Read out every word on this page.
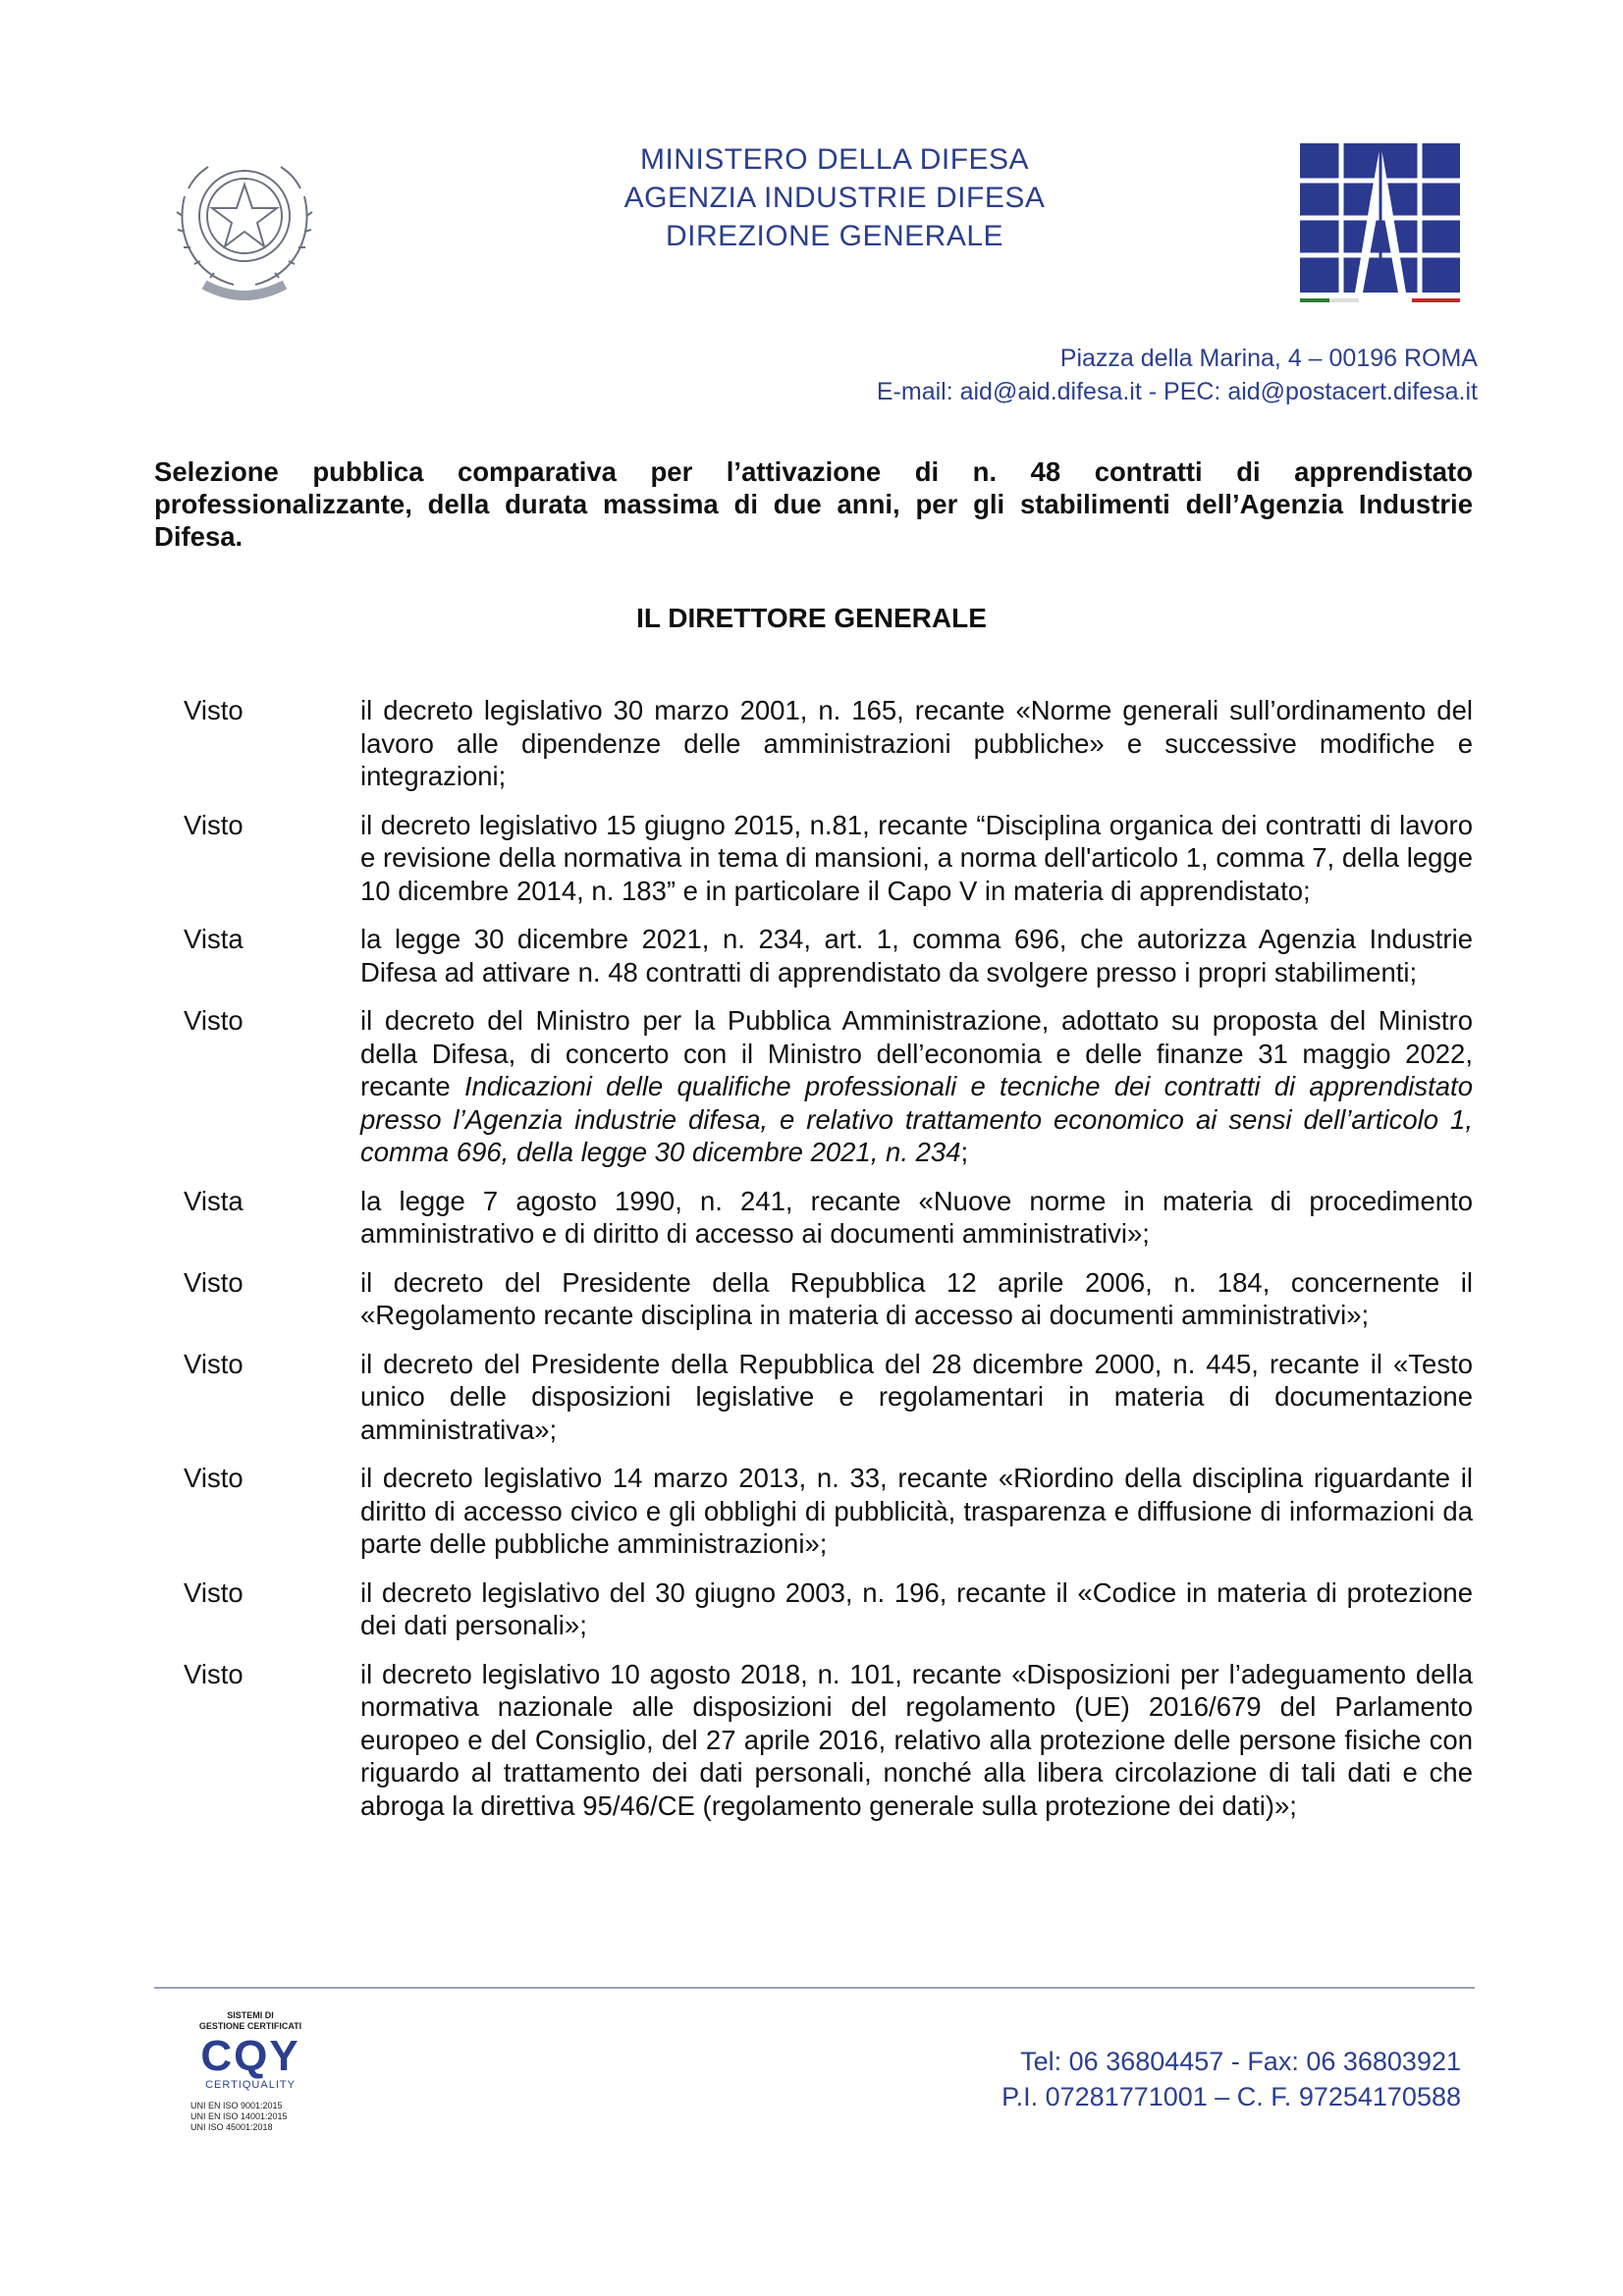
MINISTERO DELLA DIFESA
AGENZIA INDUSTRIE DIFESA
DIREZIONE GENERALE
Piazza della Marina, 4 – 00196 ROMA
E-mail: aid@aid.difesa.it - PEC: aid@postacert.difesa.it
Selezione pubblica comparativa per l’attivazione di n. 48 contratti di apprendistato professionalizzante, della durata massima di due anni, per gli stabilimenti dell’Agenzia Industrie Difesa.
IL DIRETTORE GENERALE
Visto	il decreto legislativo 30 marzo 2001, n. 165, recante «Norme generali sull’ordinamento del lavoro alle dipendenze delle amministrazioni pubbliche» e successive modifiche e integrazioni;
Visto	il decreto legislativo 15 giugno 2015, n.81, recante “Disciplina organica dei contratti di lavoro e revisione della normativa in tema di mansioni, a norma dell'articolo 1, comma 7, della legge 10 dicembre 2014, n. 183” e in particolare il Capo V in materia di apprendistato;
Vista	la legge 30 dicembre 2021, n. 234, art. 1, comma 696, che autorizza Agenzia Industrie Difesa ad attivare n. 48 contratti di apprendistato da svolgere presso i propri stabilimenti;
Visto	il decreto del Ministro per la Pubblica Amministrazione, adottato su proposta del Ministro della Difesa, di concerto con il Ministro dell’economia e delle finanze 31 maggio 2022, recante Indicazioni delle qualifiche professionali e tecniche dei contratti di apprendistato presso l’Agenzia industrie difesa, e relativo trattamento economico ai sensi dell’articolo 1, comma 696, della legge 30 dicembre 2021, n. 234;
Vista	la legge 7 agosto 1990, n. 241, recante «Nuove norme in materia di procedimento amministrativo e di diritto di accesso ai documenti amministrativi»;
Visto	il decreto del Presidente della Repubblica 12 aprile 2006, n. 184, concernente il «Regolamento recante disciplina in materia di accesso ai documenti amministrativi»;
Visto	il decreto del Presidente della Repubblica del 28 dicembre 2000, n. 445, recante il «Testo unico delle disposizioni legislative e regolamentari in materia di documentazione amministrativa»;
Visto	il decreto legislativo 14 marzo 2013, n. 33, recante «Riordino della disciplina riguardante il diritto di accesso civico e gli obblighi di pubblicità, trasparenza e diffusione di informazioni da parte delle pubbliche amministrazioni»;
Visto	il decreto legislativo del 30 giugno 2003, n. 196, recante il «Codice in materia di protezione dei dati personali»;
Visto	il decreto legislativo 10 agosto 2018, n. 101, recante «Disposizioni per l’adeguamento della normativa nazionale alle disposizioni del regolamento (UE) 2016/679 del Parlamento europeo e del Consiglio, del 27 aprile 2016, relativo alla protezione delle persone fisiche con riguardo al trattamento dei dati personali, nonché alla libera circolazione di tali dati e che abroga la direttiva 95/46/CE (regolamento generale sulla protezione dei dati)»;
SISTEMI DI
GESTIONE CERTIFICATI
CQY
CERTIQUALITY
UNI EN ISO 9001:2015
UNI EN ISO 14001:2015
UNI ISO 45001:2018
Tel: 06 36804457 - Fax: 06 36803921
P.I. 07281771001 – C. F. 97254170588
